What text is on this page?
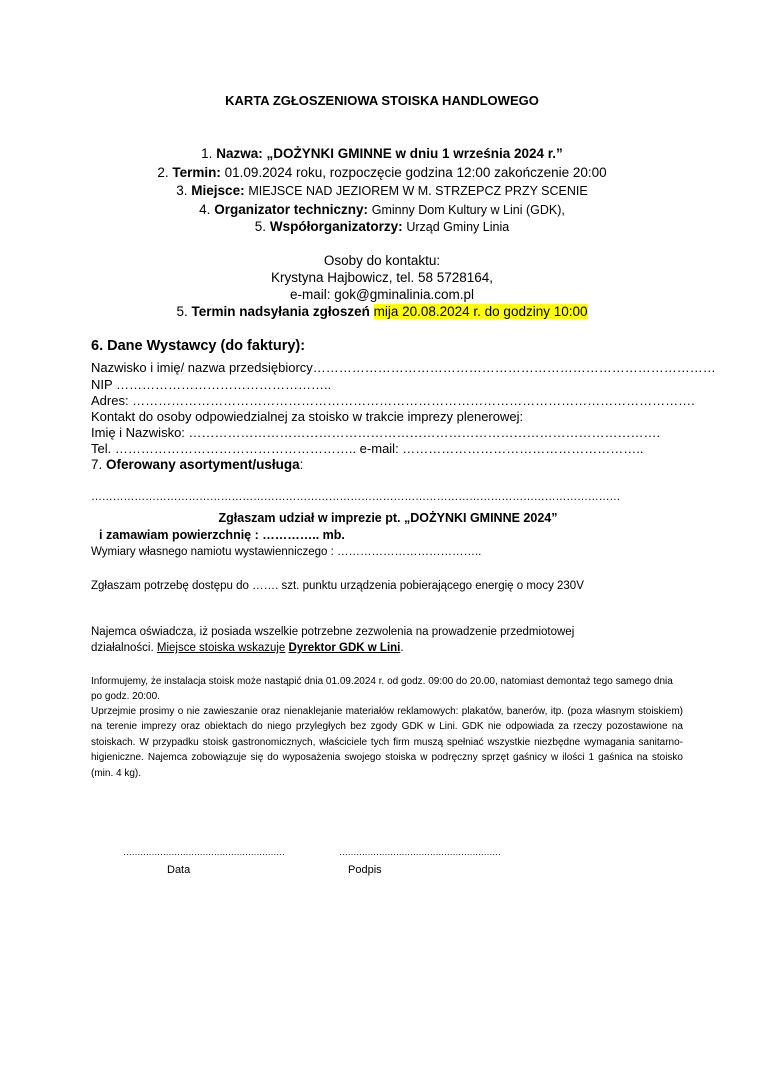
KARTA ZGŁOSZENIOWA STOISKA HANDLOWEGO
1. Nazwa: „DOŻYNKI GMINNE w dniu 1 września 2024 r.”
2. Termin: 01.09.2024 roku, rozpoczęcie godzina 12:00 zakończenie 20:00
3. Miejsce: MIEJSCE NAD JEZIOREM W M. STRZEPCZ PRZY SCENIE
4. Organizator techniczny: Gminny Dom Kultury w Lini (GDK),
5. Współorganizatorzy: Urząd Gminy Linia
Osoby do kontaktu:
Krystyna Hajbowicz, tel. 58 5728164,
e-mail: gok@gminalinia.com.pl
5. Termin nadsyłania zgłoszeń mija 20.08.2024 r. do godziny 10:00
6. Dane Wystawcy (do faktury):
Nazwisko i imię/ nazwa przedsiębiorcy…………………………………………………………………………………
NIP …………………………………………..
Adres: ………………………………………………………………………………………………………………….
Kontakt do osoby odpowiedzialnej za stoisko w trakcie imprezy plenerowej:
Imię i Nazwisko: ……………………………………………………………………………………………….
Tel. ……………………………………………….. e-mail: ………………………………………………..
7. Oferowany asortyment/usługa:
…………………………………………………………………………………………………………………………………
Zgłaszam udział w imprezie pt. „DOŻYNKI GMINNE 2024”
i zamawiam powierzchnię : ………….. mb.
Wymiary własnego namiotu wystawienniczego : ………………………………..
Zgłaszam potrzebę dostępu do ……. szt. punktu urządzenia pobierającego energię o mocy 230V
Najemca oświadcza, iż posiada wszelkie potrzebne zezwolenia na prowadzenie przedmiotowej
działalności. Miejsce stoiska wskazuje Dyrektor GDK w Lini.
Informujemy, że instalacja stoisk może nastąpić dnia 01.09.2024 r. od godz. 09:00 do 20.00, natomiast demontaż tego samego dnia po godz. 20:00.
Uprzejmie prosimy o nie zawieszanie oraz nienaklejanie materiałów reklamowych: plakatów, banerów, itp. (poza własnym stoiskiem) na terenie imprezy oraz obiektach do niego przyległych bez zgody GDK w Lini. GDK nie odpowiada za rzeczy pozostawione na stoiskach. W przypadku stoisk gastronomicznych, właściciele tych firm muszą spełniać wszystkie niezbędne wymagania sanitarno-higieniczne. Najemca zobowiązuje się do wyposażenia swojego stoiska w podręczny sprzęt gaśnicy w ilości 1 gaśnica na stoisko (min. 4 kg).
…………………………………………………
Data
…………………………………………………
Podpis
